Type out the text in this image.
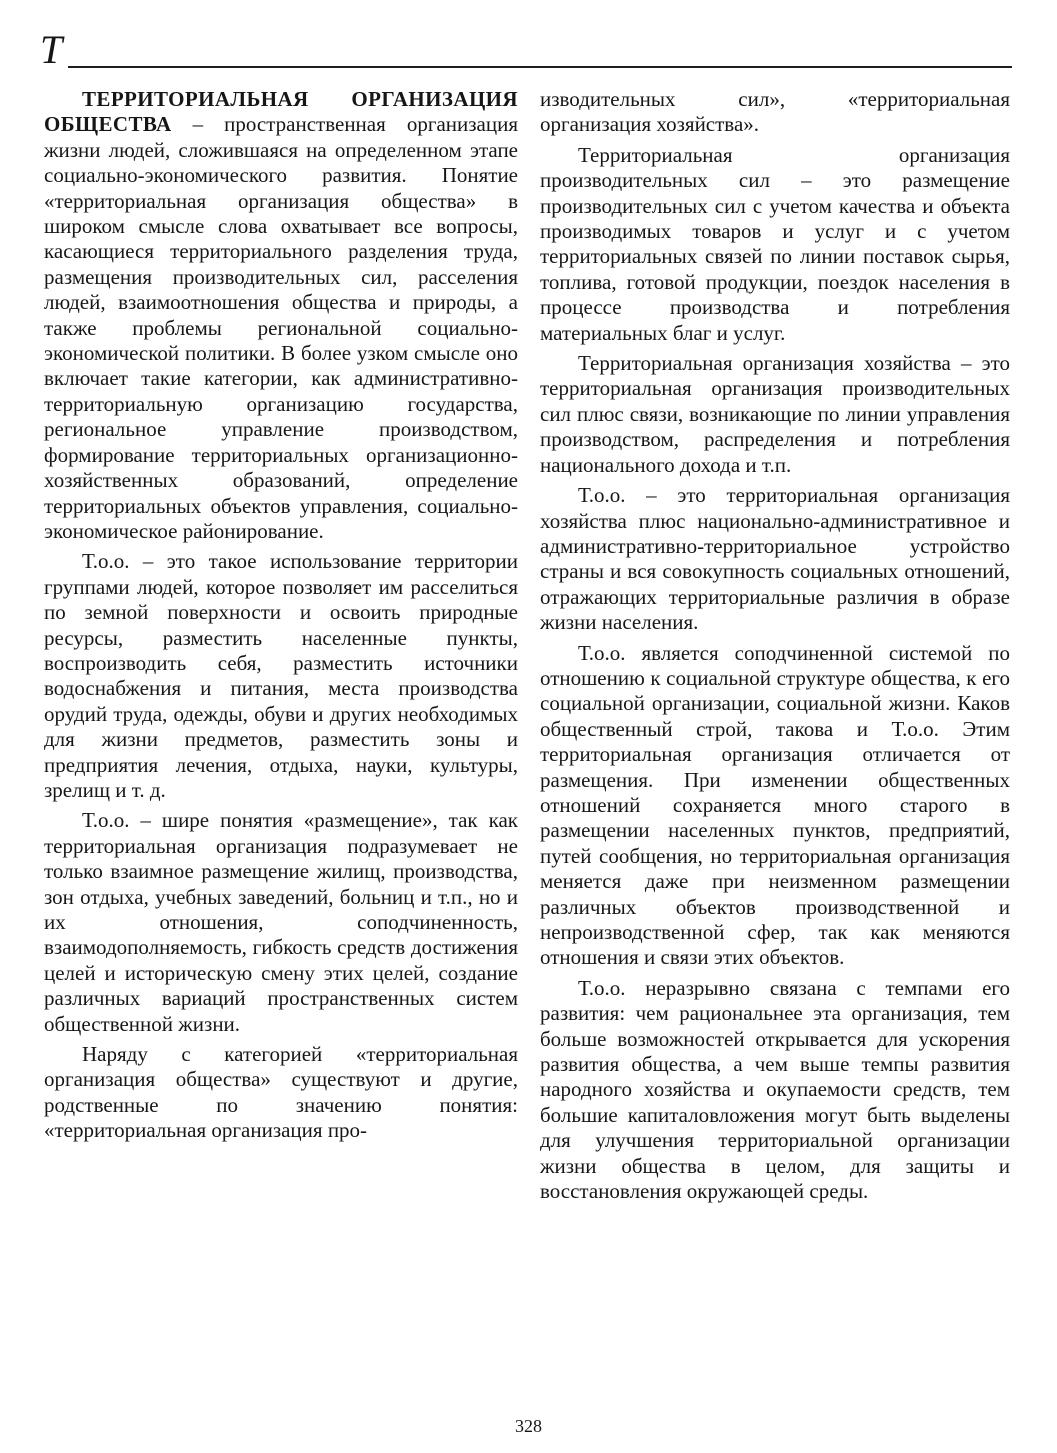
Т

ТЕРРИТОРИАЛЬНАЯ ОРГАНИЗАЦИЯ ОБЩЕСТВА – пространственная организация жизни людей, сложившаяся на определенном этапе социально-экономического развития. Понятие «территориальная организация общества» в широком смысле слова охватывает все вопросы, касающиеся территориального разделения труда, размещения производительных сил, расселения людей, взаимоотношения общества и природы, а также проблемы региональной социально-экономической политики. В более узком смысле оно включает такие категории, как административно-территориальную организацию государства, региональное управление производством, формирование территориальных организационно-хозяйственных образований, определение территориальных объектов управления, социально-экономическое районирование.

Т.о.о. – это такое использование территории группами людей, которое позволяет им расселиться по земной поверхности и освоить природные ресурсы, разместить населенные пункты, воспроизводить себя, разместить источники водоснабжения и питания, места производства орудий труда, одежды, обуви и других необходимых для жизни предметов, разместить зоны и предприятия лечения, отдыха, науки, культуры, зрелищ и т. д.

Т.о.о. – шире понятия «размещение», так как территориальная организация подразумевает не только взаимное размещение жилищ, производства, зон отдыха, учебных заведений, больниц и т.п., но и их отношения, соподчиненность, взаимодополняемость, гибкость средств достижения целей и историческую смену этих целей, создание различных вариаций пространственных систем общественной жизни.

Наряду с категорией «территориальная организация общества» существуют и другие, родственные по значению понятия: «территориальная организация про-

изводительных сил», «территориальная организация хозяйства».

Территориальная организация производительных сил – это размещение производительных сил с учетом качества и объекта производимых товаров и услуг и с учетом территориальных связей по линии поставок сырья, топлива, готовой продукции, поездок населения в процессе производства и потребления материальных благ и услуг.

Территориальная организация хозяйства – это территориальная организация производительных сил плюс связи, возникающие по линии управления производством, распределения и потребления национального дохода и т.п.

Т.о.о. – это территориальная организация хозяйства плюс национально-административное и административно-территориальное устройство страны и вся совокупность социальных отношений, отражающих территориальные различия в образе жизни населения.

Т.о.о. является соподчиненной системой по отношению к социальной структуре общества, к его социальной организации, социальной жизни. Каков общественный строй, такова и Т.о.о. Этим территориальная организация отличается от размещения. При изменении общественных отношений сохраняется много старого в размещении населенных пунктов, предприятий, путей сообщения, но территориальная организация меняется даже при неизменном размещении различных объектов производственной и непроизводственной сфер, так как меняются отношения и связи этих объектов.

Т.о.о. неразрывно связана с темпами его развития: чем рациональнее эта организация, тем больше возможностей открывается для ускорения развития общества, а чем выше темпы развития народного хозяйства и окупаемости средств, тем большие капиталовложения могут быть выделены для улучшения территориальной организации жизни общества в целом, для защиты и восстановления окружающей среды.

328
